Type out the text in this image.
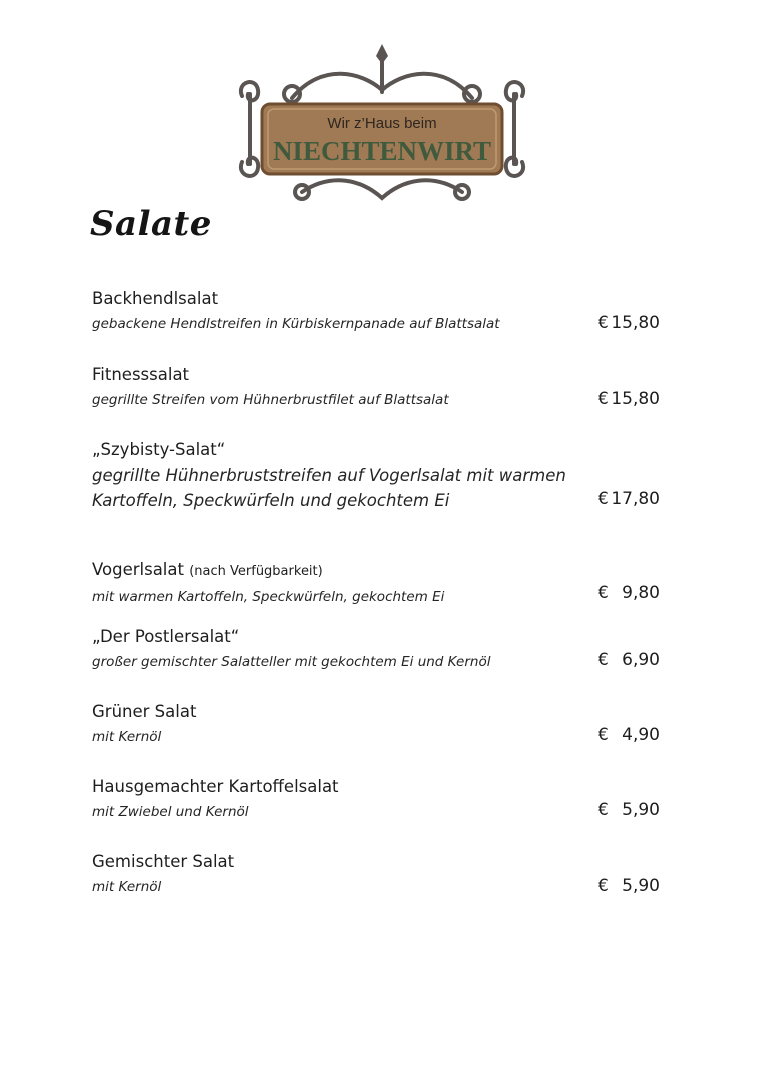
Wir z’Haus beim
NIECHTENWIRT
Salate
Backhendlsalat
gebackene Hendlstreifen in Kürbiskernpanade auf Blattsalat	€ 15,80
Fitnesssalat
gegrillte Streifen vom Hühnerbrustfilet auf Blattsalat	€ 15,80
„Szybisty-Salat“
gegrillte Hühnerbruststreifen auf Vogerlsalat mit warmen Kartoffeln, Speckwürfeln und gekochtem Ei	€ 17,80
Vogerlsalat (nach Verfügbarkeit)
mit warmen Kartoffeln, Speckwürfeln, gekochtem Ei	€ 9,80
„Der Postlersalat“
großer gemischter Salatteller mit gekochtem Ei und Kernöl	€ 6,90
Grüner Salat
mit Kernöl	€ 4,90
Hausgemachter Kartoffelsalat
mit Zwiebel und Kernöl	€ 5,90
Gemischter Salat
mit Kernöl	€ 5,90
